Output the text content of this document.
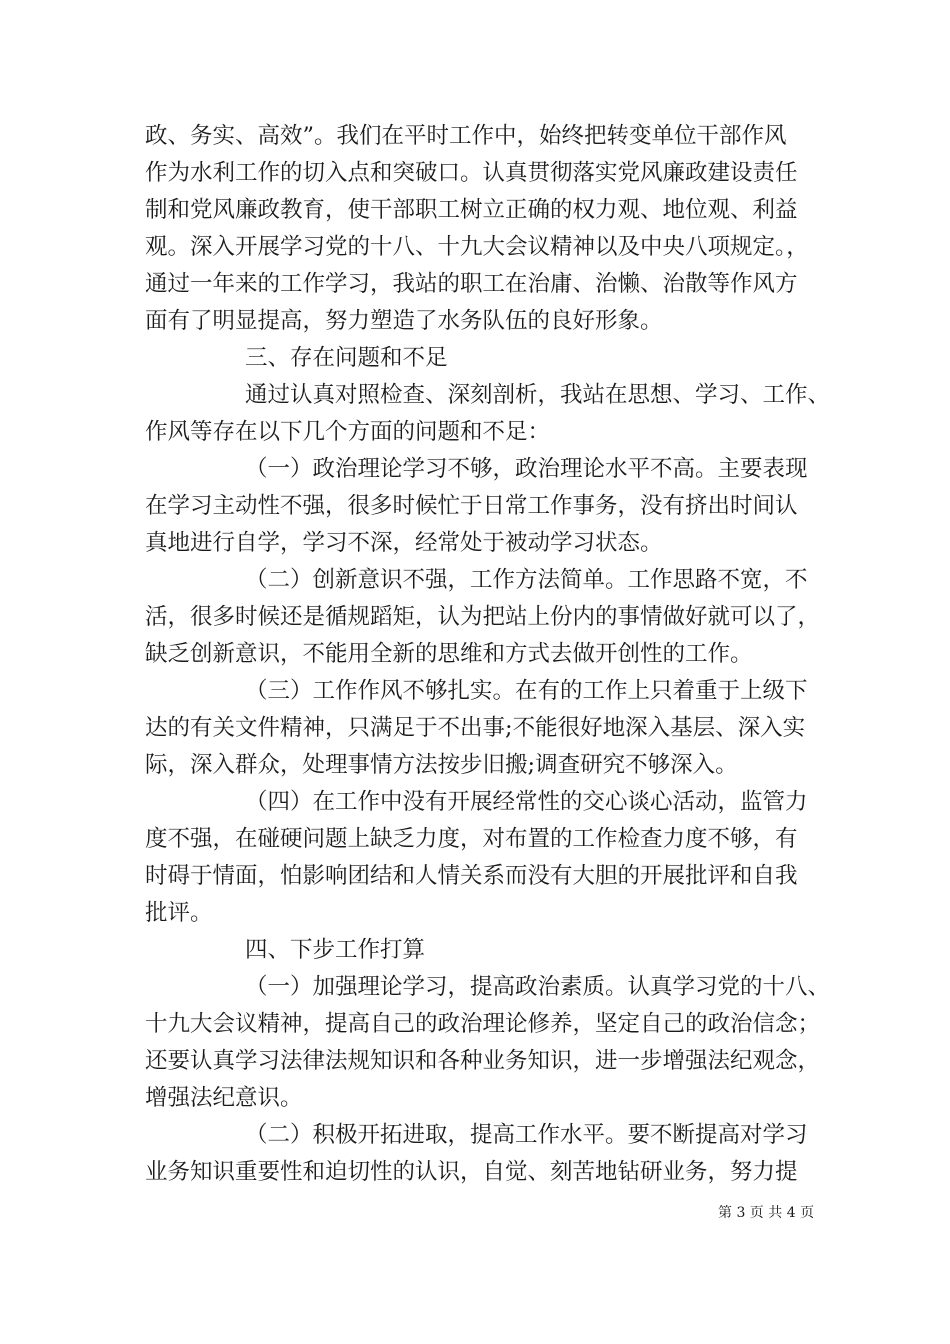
政、务实、高效”。我们在平时工作中，始终把转变单位干部作风
作为水利工作的切入点和突破口。认真贯彻落实党风廉政建设责任
制和党风廉政教育，使干部职工树立正确的权力观、地位观、利益
观。深入开展学习党的十八、十九大会议精神以及中央八项规定。，
通过一年来的工作学习，我站的职工在治庸、治懒、治散等作风方
面有了明显提高，努力塑造了水务队伍的良好形象。
三、存在问题和不足
通过认真对照检查、深刻剖析，我站在思想、学习、工作、
作风等存在以下几个方面的问题和不足：
（一）政治理论学习不够，政治理论水平不高。主要表现
在学习主动性不强，很多时候忙于日常工作事务，没有挤出时间认
真地进行自学，学习不深，经常处于被动学习状态。
（二）创新意识不强，工作方法简单。工作思路不宽，不
活，很多时候还是循规蹈矩，认为把站上份内的事情做好就可以了，
缺乏创新意识，不能用全新的思维和方式去做开创性的工作。
（三）工作作风不够扎实。在有的工作上只着重于上级下
达的有关文件精神，只满足于不出事;不能很好地深入基层、深入实
际，深入群众，处理事情方法按步旧搬;调查研究不够深入。
（四）在工作中没有开展经常性的交心谈心活动，监管力
度不强，在碰硬问题上缺乏力度，对布置的工作检查力度不够，有
时碍于情面，怕影响团结和人情关系而没有大胆的开展批评和自我
批评。
四、下步工作打算
（一）加强理论学习，提高政治素质。认真学习党的十八、
十九大会议精神，提高自己的政治理论修养，坚定自己的政治信念；
还要认真学习法律法规知识和各种业务知识，进一步增强法纪观念，
增强法纪意识。
（二）积极开拓进取，提高工作水平。要不断提高对学习
业务知识重要性和迫切性的认识，自觉、刻苦地钻研业务，努力提
第 3 页 共 4 页
